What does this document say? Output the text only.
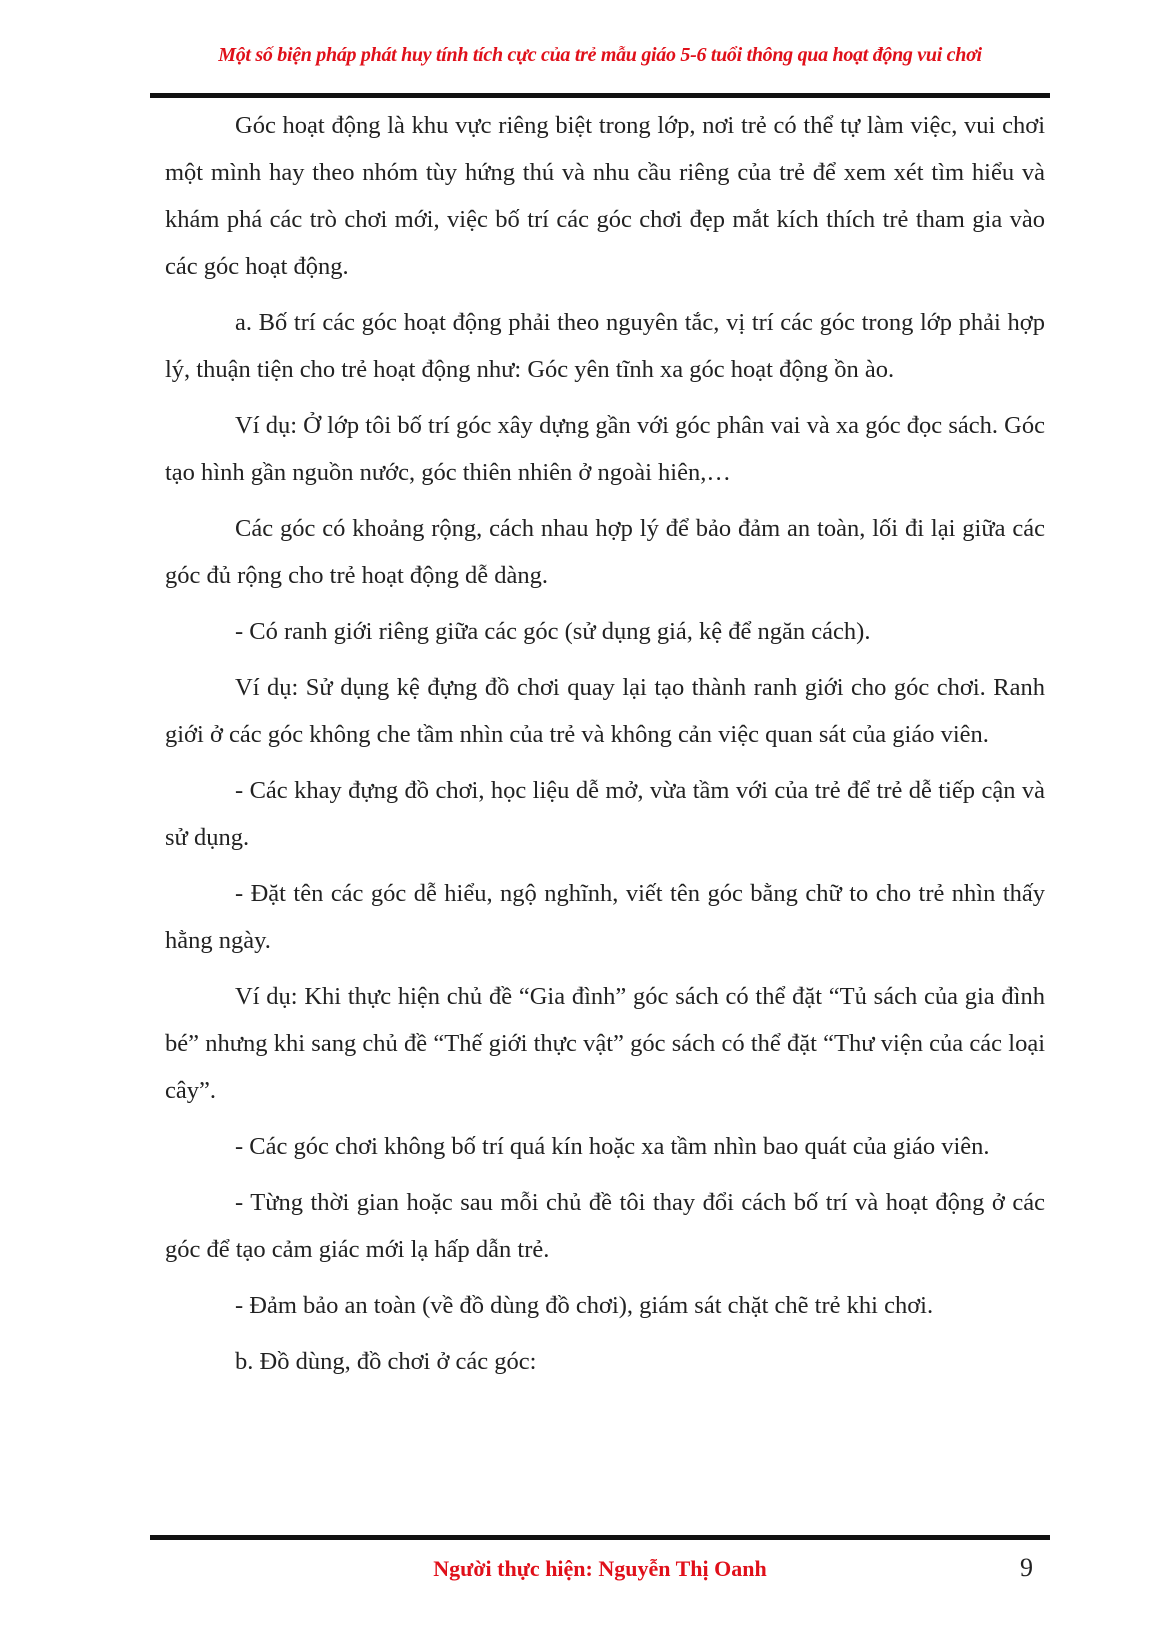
Một số biện pháp phát huy tính tích cực của trẻ mẫu giáo 5-6 tuổi thông qua hoạt động vui chơi

Góc hoạt động là khu vực riêng biệt trong lớp, nơi trẻ có thể tự làm việc, vui chơi một mình hay theo nhóm tùy hứng thú và nhu cầu riêng của trẻ để xem xét tìm hiểu và khám phá các trò chơi mới, việc bố trí các góc chơi đẹp mắt kích thích trẻ tham gia vào các góc hoạt động.

a. Bố trí các góc hoạt động phải theo nguyên tắc, vị trí các góc trong lớp phải hợp lý, thuận tiện cho trẻ hoạt động như: Góc yên tĩnh xa góc hoạt động ồn ào.

Ví dụ: Ở lớp tôi bố trí góc xây dựng gần với góc phân vai và xa góc đọc sách. Góc tạo hình gần nguồn nước, góc thiên nhiên ở ngoài hiên,…

Các góc có khoảng rộng, cách nhau hợp lý để bảo đảm an toàn, lối đi lại giữa các góc đủ rộng cho trẻ hoạt động dễ dàng.

- Có ranh giới riêng giữa các góc (sử dụng giá, kệ để ngăn cách).

Ví dụ: Sử dụng kệ đựng đồ chơi quay lại tạo thành ranh giới cho góc chơi. Ranh giới ở các góc không che tầm nhìn của trẻ và không cản việc quan sát của giáo viên.

- Các khay đựng đồ chơi, học liệu dễ mở, vừa tầm với của trẻ để trẻ dễ tiếp cận và sử dụng.

- Đặt tên các góc dễ hiểu, ngộ nghĩnh, viết tên góc bằng chữ to cho trẻ nhìn thấy hằng ngày.

Ví dụ: Khi thực hiện chủ đề “Gia đình” góc sách có thể đặt “Tủ sách của gia đình bé” nhưng khi sang chủ đề “Thế giới thực vật” góc sách có thể đặt “Thư viện của các loại cây”.

- Các góc chơi không bố trí quá kín hoặc xa tầm nhìn bao quát của giáo viên.

- Từng thời gian hoặc sau mỗi chủ đề tôi thay đổi cách bố trí và hoạt động ở các góc để tạo cảm giác mới lạ hấp dẫn trẻ.

- Đảm bảo an toàn (về đồ dùng đồ chơi), giám sát chặt chẽ trẻ khi chơi.

b. Đồ dùng, đồ chơi ở các góc:

Người thực hiện: Nguyễn Thị Oanh	9
